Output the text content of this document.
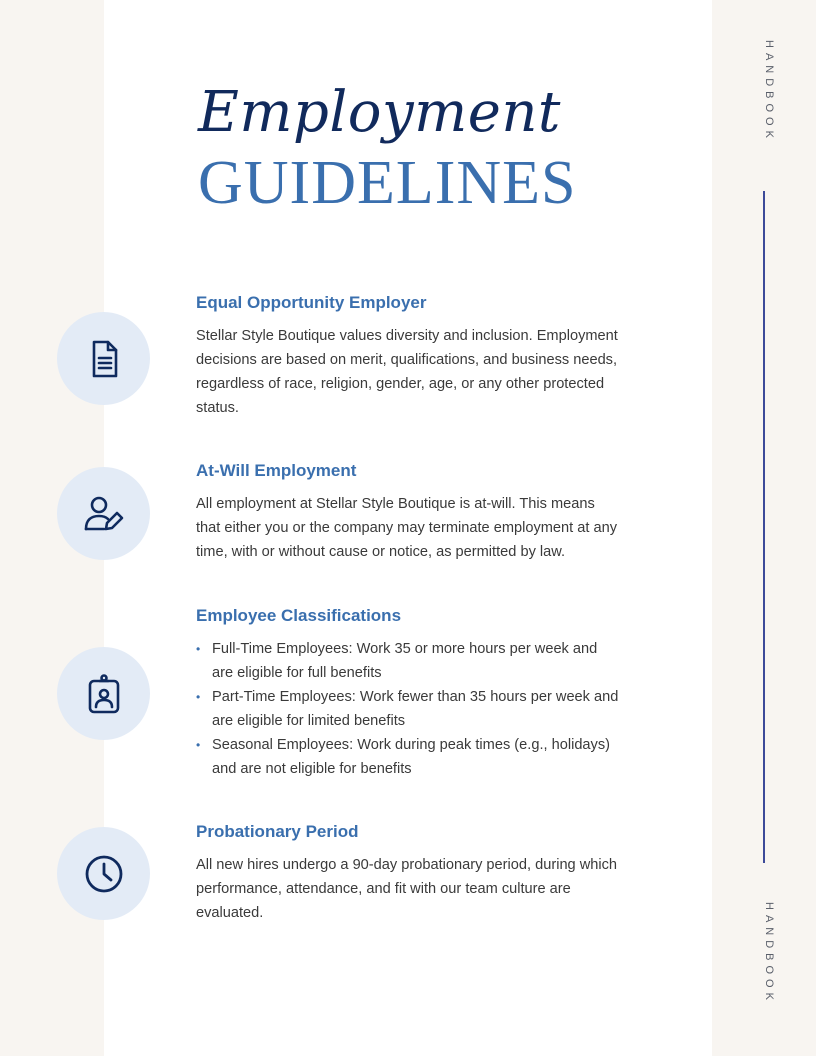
Employment
GUIDELINES
Equal Opportunity Employer

Stellar Style Boutique values diversity and inclusion. Employment decisions are based on merit, qualifications, and business needs, regardless of race, religion, gender, age, or any other protected status.

At-Will Employment

All employment at Stellar Style Boutique is at-will. This means that either you or the company may terminate employment at any time, with or without cause or notice, as permitted by law.

Employee Classifications
• Full-Time Employees: Work 35 or more hours per week and are eligible for full benefits
• Part-Time Employees: Work fewer than 35 hours per week and are eligible for limited benefits
• Seasonal Employees: Work during peak times (e.g., holidays) and are not eligible for benefits
Probationary Period

All new hires undergo a 90-day probationary period, during which performance, attendance, and fit with our team culture are evaluated.

HANDBOOK
HANDBOOK
